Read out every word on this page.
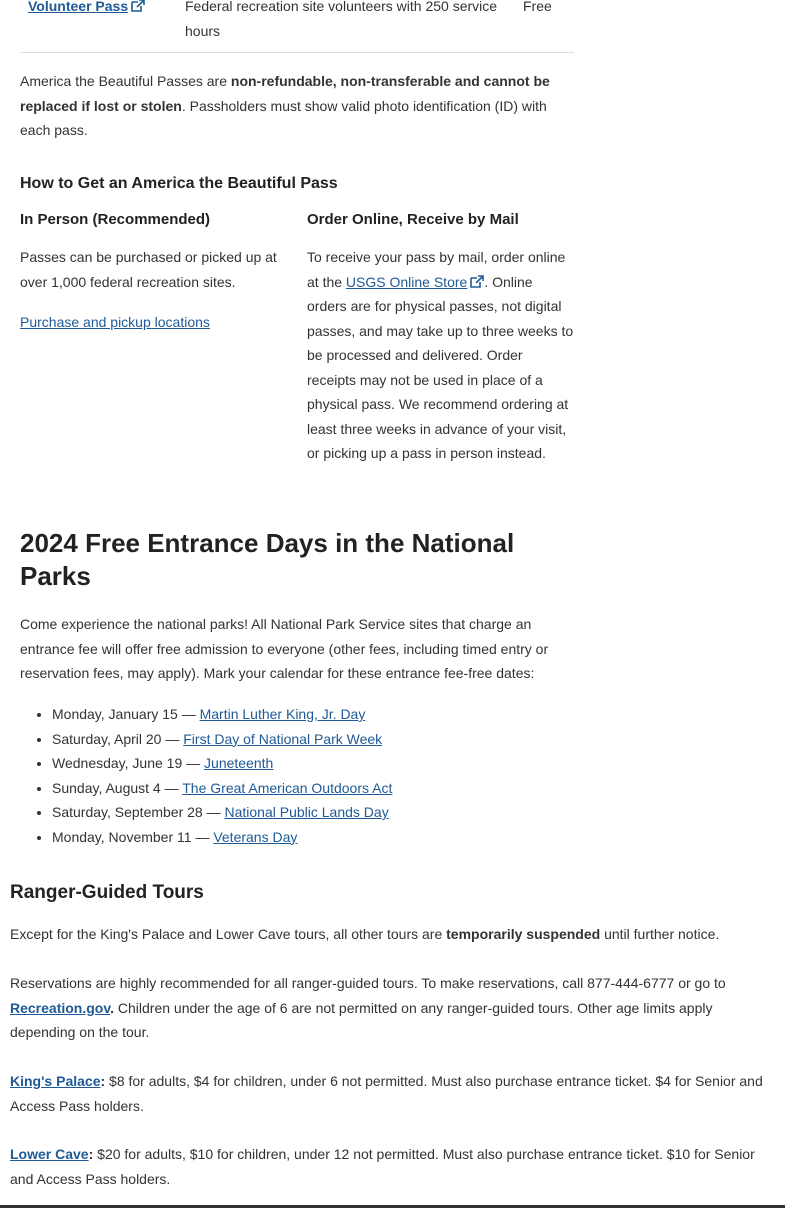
Volunteer Pass	Federal recreation site volunteers with 250 service hours
Free

America the Beautiful Passes are non-refundable, non-transferable and cannot be replaced if lost or stolen. Passholders must show valid photo identification (ID) with each pass.

How to Get an America the Beautiful Pass
In Person (Recommended)

Passes can be purchased or picked up at over 1,000 federal recreation sites.

Purchase and pickup locations

Order Online, Receive by Mail

To receive your pass by mail, order online at the USGS Online Store . Online orders are for physical passes, not digital passes, and may take up to three weeks to be processed and delivered. Order receipts may not be used in place of a physical pass. We recommend ordering at least three weeks in advance of your visit, or picking up a pass in person instead.

2024 Free Entrance Days in the National Parks

Come experience the national parks! All National Park Service sites that charge an entrance fee will offer free admission to everyone (other fees, including timed entry or reservation fees, may apply). Mark your calendar for these entrance fee-free dates:

• Monday, January 15 — Martin Luther King, Jr. Day
• Saturday, April 20 — First Day of National Park Week
• Wednesday, June 19 — Juneteenth
• Sunday, August 4 — The Great American Outdoors Act
• Saturday, September 28 — National Public Lands Day
• Monday, November 11 — Veterans Day
Ranger-Guided Tours

Except for the King's Palace and Lower Cave tours, all other tours are temporarily suspended until further notice.

Reservations are highly recommended for all ranger-guided tours. To make reservations, call 877-444-6777 or go to Recreation.gov. Children under the age of 6 are not permitted on any ranger-guided tours. Other age limits apply depending on the tour.

King's Palace: $8 for adults, $4 for children, under 6 not permitted. Must also purchase entrance ticket. $4 for Senior and Access Pass holders.

Lower Cave: $20 for adults, $10 for children, under 12 not permitted. Must also purchase entrance ticket. $10 for Senior and Access Pass holders.
